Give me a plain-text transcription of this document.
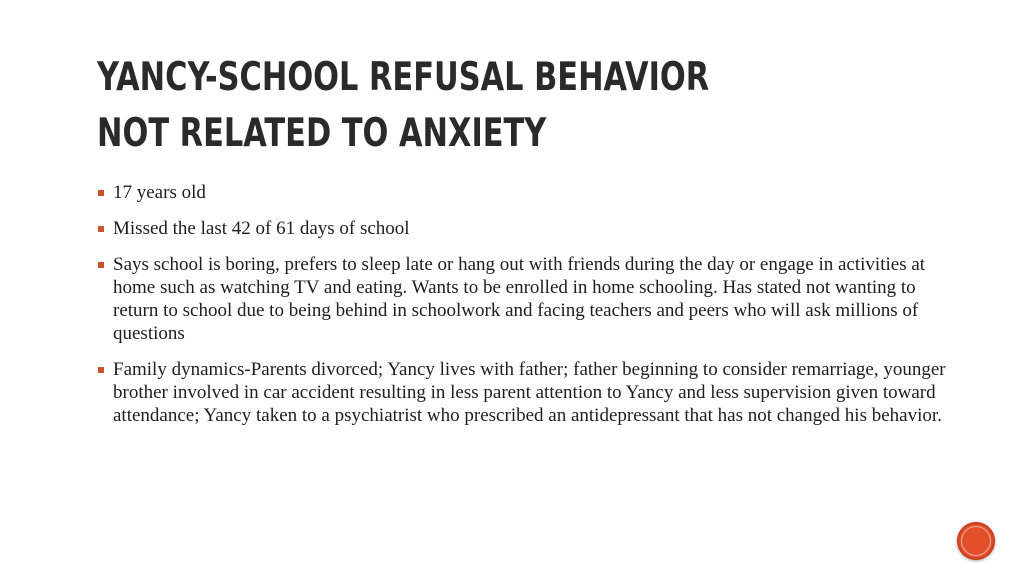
YANCY-SCHOOL REFUSAL BEHAVIOR NOT RELATED TO ANXIETY
17 years old
Missed the last 42 of 61 days of school
Says school is boring, prefers to sleep late or hang out with friends during the day or engage in activities at home such as watching TV and eating. Wants to be enrolled in home schooling. Has stated not wanting to return to school due to being behind in schoolwork and facing teachers and peers who will ask millions of questions
Family dynamics-Parents divorced; Yancy lives with father; father beginning to consider remarriage, younger brother involved in car accident resulting in less parent attention to Yancy and less supervision given toward attendance; Yancy taken to a psychiatrist who prescribed an antidepressant that has not changed his behavior.
